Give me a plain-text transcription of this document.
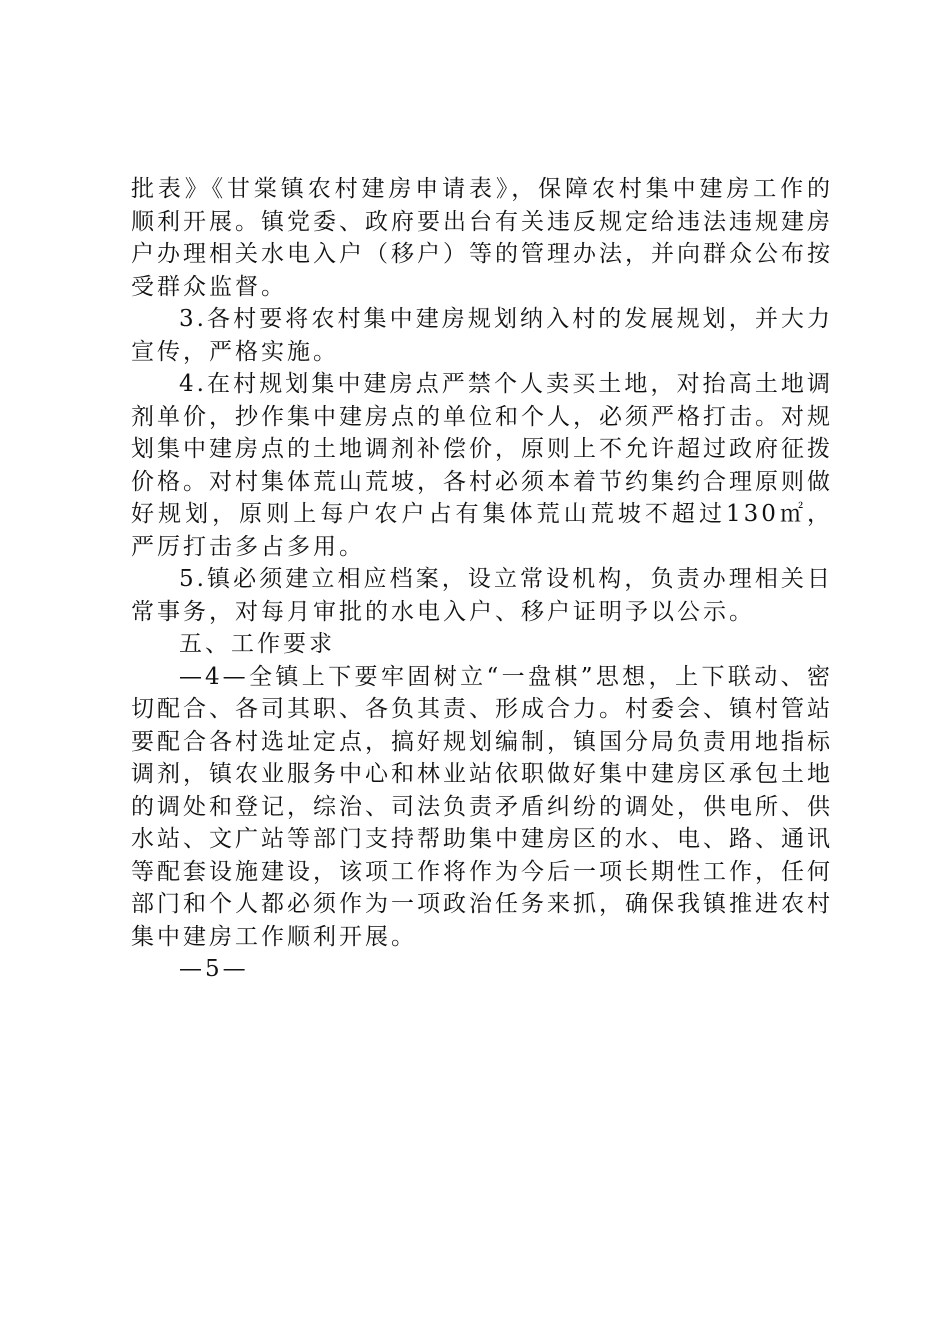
批表》《甘棠镇农村建房申请表》，保障农村集中建房工作的顺利开展。镇党委、政府要出台有关违反规定给违法违规建房户办理相关水电入户（移户）等的管理办法，并向群众公布按受群众监督。

3.各村要将农村集中建房规划纳入村的发展规划，并大力宣传，严格实施。

4.在村规划集中建房点严禁个人卖买土地，对抬高土地调剂单价，抄作集中建房点的单位和个人，必须严格打击。对规划集中建房点的土地调剂补偿价，原则上不允许超过政府征拨价格。对村集体荒山荒坡，各村必须本着节约集约合理原则做好规划，原则上每户农户占有集体荒山荒坡不超过130㎡，严厉打击多占多用。

5.镇必须建立相应档案，设立常设机构，负责办理相关日常事务，对每月审批的水电入户、移户证明予以公示。

五、工作要求

—4—全镇上下要牢固树立“一盘棋”思想，上下联动、密切配合、各司其职、各负其责、形成合力。村委会、镇村管站要配合各村选址定点，搞好规划编制，镇国分局负责用地指标调剂，镇农业服务中心和林业站依职做好集中建房区承包土地的调处和登记，综治、司法负责矛盾纠纷的调处，供电所、供水站、文广站等部门支持帮助集中建房区的水、电、路、通讯等配套设施建设，该项工作将作为今后一项长期性工作，任何部门和个人都必须作为一项政治任务来抓，确保我镇推进农村集中建房工作顺利开展。

—5—
